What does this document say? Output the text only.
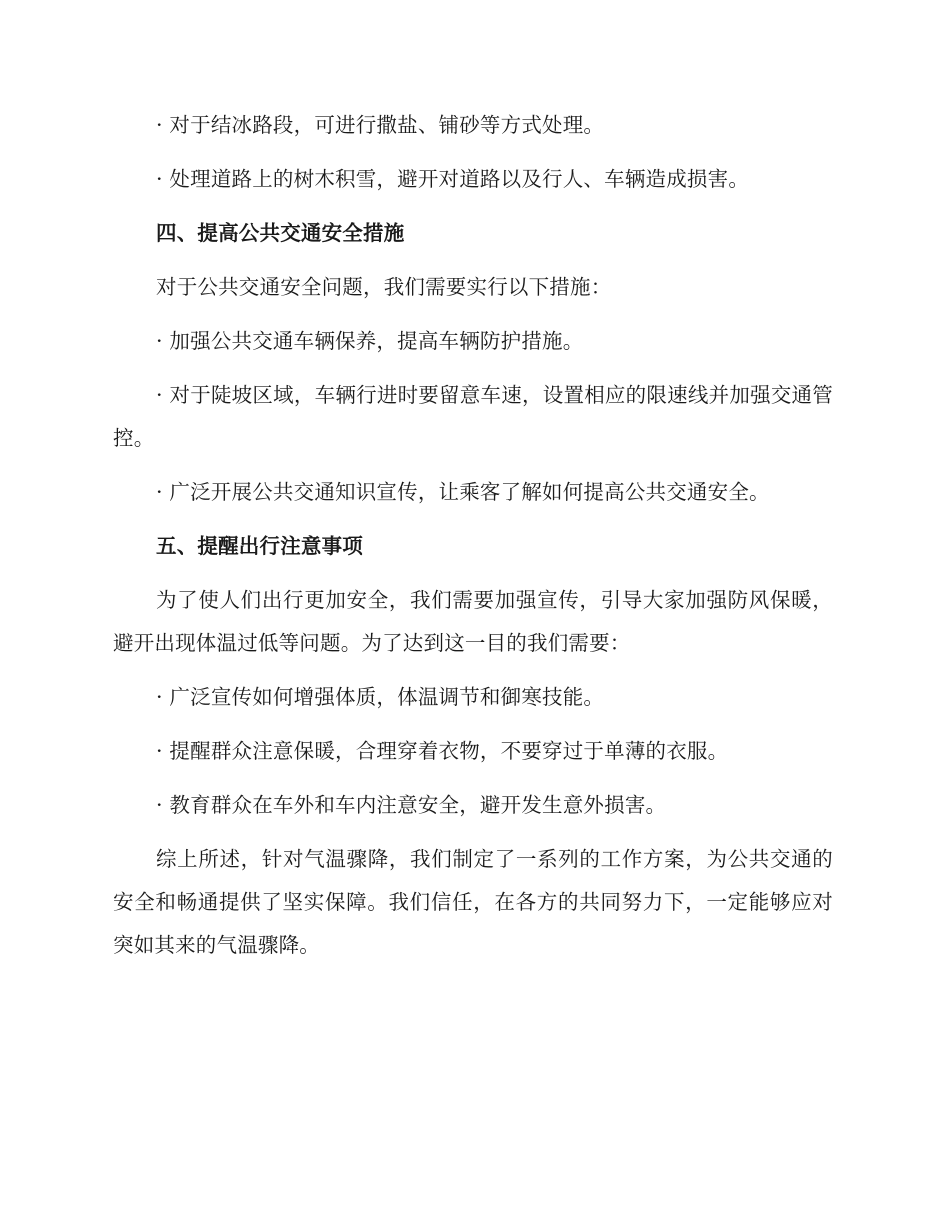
· 对于结冰路段，可进行撒盐、铺砂等方式处理。

· 处理道路上的树木积雪，避开对道路以及行人、车辆造成损害。

四、提高公共交通安全措施

对于公共交通安全问题，我们需要实行以下措施：

· 加强公共交通车辆保养，提高车辆防护措施。

· 对于陡坡区域，车辆行进时要留意车速，设置相应的限速线并加强交通管控。

· 广泛开展公共交通知识宣传，让乘客了解如何提高公共交通安全。

五、提醒出行注意事项

为了使人们出行更加安全，我们需要加强宣传，引导大家加强防风保暖，避开出现体温过低等问题。为了达到这一目的我们需要：

· 广泛宣传如何增强体质，体温调节和御寒技能。

· 提醒群众注意保暖，合理穿着衣物，不要穿过于单薄的衣服。

· 教育群众在车外和车内注意安全，避开发生意外损害。

综上所述，针对气温骤降，我们制定了一系列的工作方案，为公共交通的安全和畅通提供了坚实保障。我们信任，在各方的共同努力下，一定能够应对突如其来的气温骤降。
